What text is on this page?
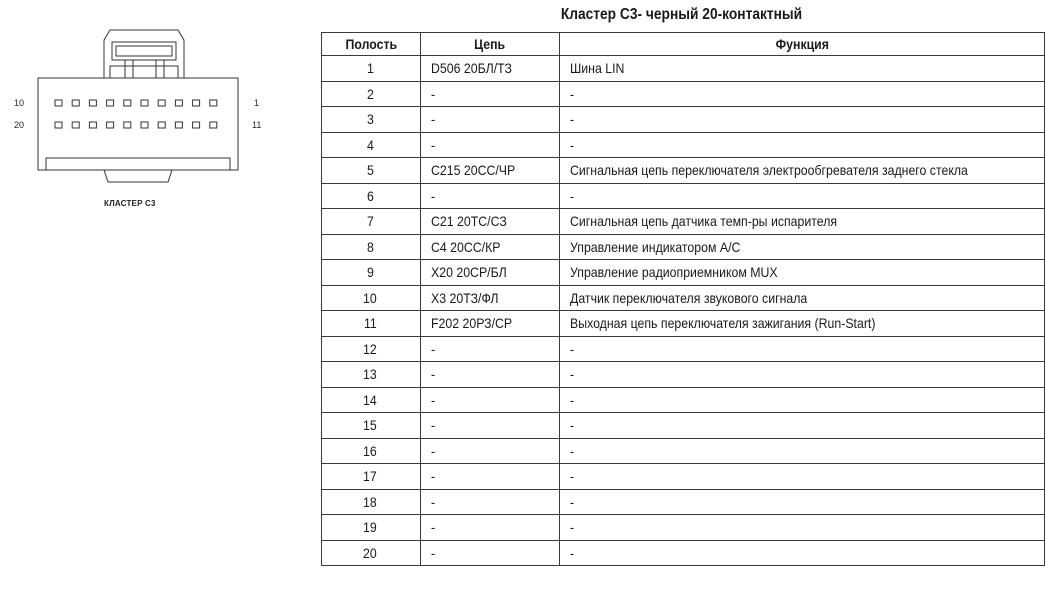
10	1
20	11
КЛАСТЕР С3
Кластер С3- черный 20-контактный
Полость	Цепь	Функция
1	D506 20БЛ/ТЗ	Шина LIN
2	-	-
3	-	-
4	-	-
5	C215 20СС/ЧР	Сигнальная цепь переключателя электрообгревателя заднего стекла
6	-	-
7	C21 20ТС/СЗ	Сигнальная цепь датчика темп-ры испарителя
8	C4 20СС/КР	Управление индикатором А/С
9	X20 20СР/БЛ	Управление радиоприемником MUX
10	X3 20ТЗ/ФЛ	Датчик переключателя звукового сигнала
11	F202 20РЗ/СР	Выходная цепь переключателя зажигания (Run-Start)
12	-	-
13	-	-
14	-	-
15	-	-
16	-	-
17	-	-
18	-	-
19	-	-
20	-	-
